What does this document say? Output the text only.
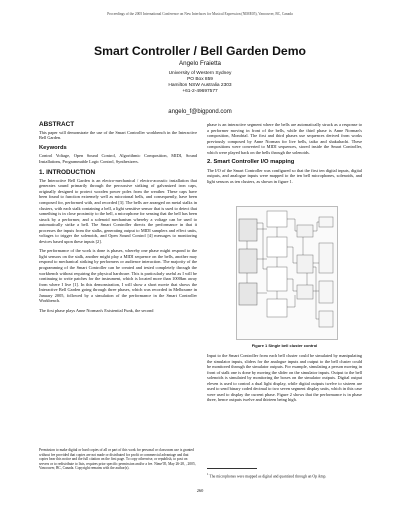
Proceedings of the 2005 International Conference on New Interfaces for Musical Expression (NIME05), Vancouver, BC, Canada
Smart Controller / Bell Garden Demo
Angelo Fraietta
University of Western Sydney
PO Box 859
Hamilton NSW Australia 2303
+61-2-49697577
angelo_f@bigpond.com
ABSTRACT

This paper will demonstrate the use of the Smart Controller workbench in the Interactive Bell Garden.

Keywords

Control Voltage, Open Sound Control, Algorithmic Composition, MIDI, Sound Installations, Programmable Logic Control, Synthesizers.

1. INTRODUCTION

The Interactive Bell Garden is an electro-mechanical / electro-acoustic installation that generates sound primarily through the percussive striking of galvanized iron caps, originally designed to protect wooden power poles from the weather. These caps have been found to function extremely well as microtonal bells, and consequently, have been composed for, performed with, and recorded [3]. The bells are arranged on metal stalks in clusters, with each stalk containing a bell, a light sensitive sensor that is used to detect that something is in close proximity to the bell, a microphone for sensing that the bell has been struck by a performer, and a solenoid mechanism whereby a voltage can be used to automatically strike a bell. The Smart Controller directs the performance in that it processes the inputs from the stalks, generating output to MIDI samplers and effect units, voltages to trigger the solenoids, and Open Sound Control [4] messages to monitoring devices based upon these inputs [2].

The performance of the work is done is phases, whereby one phase might respond to the light sensors on the stalk, another might play a MIDI sequence on the bells, another may respond to mechanical striking by performers or audience interaction. The majority of the programming of the Smart Controller can be created and tested completely through the workbench without requiring the physical hardware. This is particularly useful as I will be continuing to write patches for the instrument, which is located more than 1000km away from where I live [1]. In this demonstration, I will show a short movie that shows the Interactive Bell Garden going through three phases, which was recorded in Melbourne in January 2005, followed by a simulation of the performance in the Smart Controller Workbench.

The first phase plays Anne Norman's Existential Funk, the second

Permission to make digital or hard copies of all or part of this work for personal or classroom use is granted without fee provided that copies are not made or distributed for profit or commercial advantage and that copies bear this notice and the full citation on the first page. To copy otherwise, or republish, to post on servers or to redistribute to lists, requires prior specific permission and/or a fee. Nime'05, May 26-28, , 2005, Vancouver, BC, Canada. Copyright remains with the author(s).

phase is an interactive segment where the bells are automatically struck as a response to a performer moving in front of the bells, while the third phase is Anne Norman's composition, Mondrial. The first and third phases use sequences derived from works previously composed by Anne Norman for live bells, taiko and shakuhachi. These compositions were converted to MIDI sequences, stored inside the Smart Controller, which were played back on the bells through the solenoids.

2. Smart Controller I/O mapping

The I/O of the Smart Controller was configured so that the first ten digital inputs, digital outputs, and analogue inputs were mapped to the ten bell microphones, solenoids, and light sensors as ten clusters, as shown in figure 1.

Figure 1 Single bell cluster control

Input to the Smart Controller from each bell cluster could be simulated by manipulating the simulator inputs, sliders for the analogue inputs and output to the bell cluster could be monitored through the simulator outputs. For example, simulating a person moving in front of stalk one is done by moving the slider on the simulator inputs. Output to the bell solenoids is simulated by monitoring the boxes on the simulator outputs. Digital output eleven is used to control a dual light display, while digital outputs twelve to sixteen are used to send binary coded decimal to two seven segment display units, which in this case were used to display the current phase. Figure 2 shows that the performance is in phase three, hence outputs twelve and thirteen being high.

$^1$ The microphones were mapped as digital and quantized through an Op Amp.
260
